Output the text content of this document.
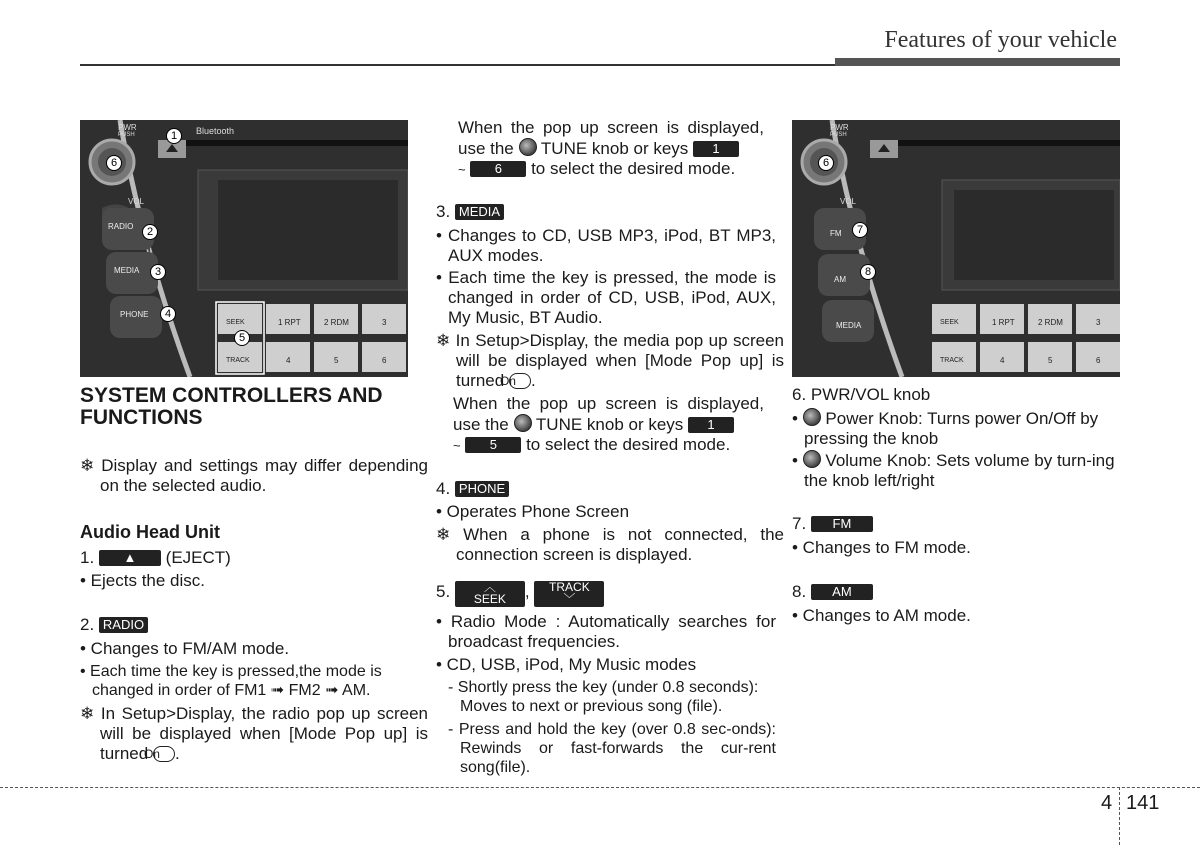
Features of your vehicle
Bluetooth
PWR
PUSH
VOL
RADIO
MEDIA
PHONE
SEEK	1 RPT	2 RDM	3
TRACK	4	5	6
1
2
3
4
5
6
PWR
PUSH
VOL
FM
AM
MEDIA	SEEK	1 RPT	2 RDM	3
TRACK	4	5	6
6
7
8
SYSTEM CONTROLLERS AND FUNCTIONS
❄ Display and settings may differ depending on the selected audio.
Audio Head Unit
1. ▲ (EJECT)
• Ejects the disc.
2. RADIO
• Changes to FM/AM mode.
• Each time the key is pressed,the mode is changed in order of FM1 ➟ FM2 ➟ AM.
❄ In Setup>Display, the radio pop up screen will be displayed when [Mode Pop up] is turned On .
When the pop up screen is displayed, use the TUNE knob or keys 1
~ 6 to select the desired mode.
3. MEDIA
• Changes to CD, USB MP3, iPod, BT MP3, AUX modes.
• Each time the key is pressed, the mode is changed in order of CD, USB, iPod, AUX, My Music, BT Audio.
❄ In Setup>Display, the media pop up screen will be displayed when [Mode Pop up] is turned On .
When the pop up screen is displayed, use the TUNE knob or keys 1
~ 5 to select the desired mode.
4. PHONE
• Operates Phone Screen
❄ When a phone is not connected, the connection screen is displayed.
5.	︿
SEEK	,	TRACK
﹀
• Radio Mode : Automatically searches for broadcast frequencies.
• CD, USB, iPod, My Music modes
- Shortly press the key (under 0.8 seconds): Moves to next or previous song (file).
- Press and hold the key (over 0.8 sec-onds): Rewinds or fast-forwards the cur-rent song(file).
6. PWR/VOL knob
• Power Knob: Turns power On/Off by pressing the knob
• Volume Knob: Sets volume by turn-ing the knob left/right
7. FM
• Changes to FM mode.
8. AM
• Changes to AM mode.
4 141
